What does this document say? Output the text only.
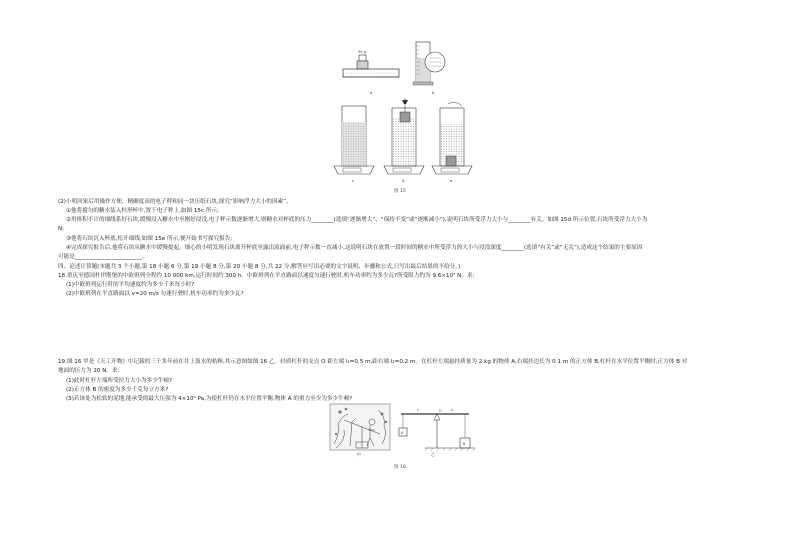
50 g
a	b
c	d	e
图 15
(2)小明回家后用操作方便、精确度高的电子秤和同一块压纸石块,探究“影响浮力大小的因素”。
①他将搅匀的糖水装入柱形杯中,置于电子秤上,如图 15c 所示;
②用体积不计的细线系好石块,缓慢浸入糖水中至刚好浸没,电子秤示数逐渐增大,则糖水对杯底的压力________(选填“逐渐增大”、“保持不变”或“逐渐减小”),说明石块所受浮力大小与________有关。如图 15d 所示位置,石块所受浮力大小为
N;
③他将石块沉入杯底,松开细线,如图 15e 所示,便开始书写探究报告;
④完成探究报告后,他将石块从糖水中缓慢提起。细心的小明发现石块离开杯底至露出液面前,电子秤示数一直减小,这说明石块在放置一段时间的糖水中所受浮力的大小与浸没深度________(选填“有关”或“无关”),造成这个结果的主要原因
可能是________________________。
四、论述计算题(本题共 3 个小题,第 18 小题 6 分,第 19 小题 8 分,第 20 小题 8 分,共 22 分,解答应写出必要的文字说明、步骤和公式,只写出最后结果的不给分。)
18.重庆至德国杜伊斯堡的中欧班列全程约 10 000 km,运行时间约 300 h。中欧班列在平直路面以速度匀速行驶时,机车功率约为多少瓦?所受阻力约为 9.6×10⁷ N。求:
(1)中欧班列运行时的平均速度约为多少千米每小时?
(2)中欧班列在平直路面以 v=20 m/s 匀速行驶时,机车功率约为多少瓦?
19.图 16 甲是《天工开物》中记载的三千多年前在井上汲水的桔槔,其示意图如图 16 乙。轻质杠杆的支点 O 距左端 l₁=0.5 m,距右端 l₂=0.2 m。在杠杆左端悬挂质量为 2 kg 的物体 A,右端挂边长为 0.1 m 的正方体 B,杠杆在水平位置平衡时,正方体 B 对
地面的压力为 20 N。求:
(1)此时杠杆左端所受拉力大小为多少牛顿?
(2)正方体 B 的密度为多少千克每立方米?
(3)若该处为松软的泥地,能承受的最大压强为 4×10³ Pa,为使杠杆仍在水平位置平衡,物体 A 的重力至少为多少牛顿?
甲
O
l₁	l₂
A
B
乙
图 16
